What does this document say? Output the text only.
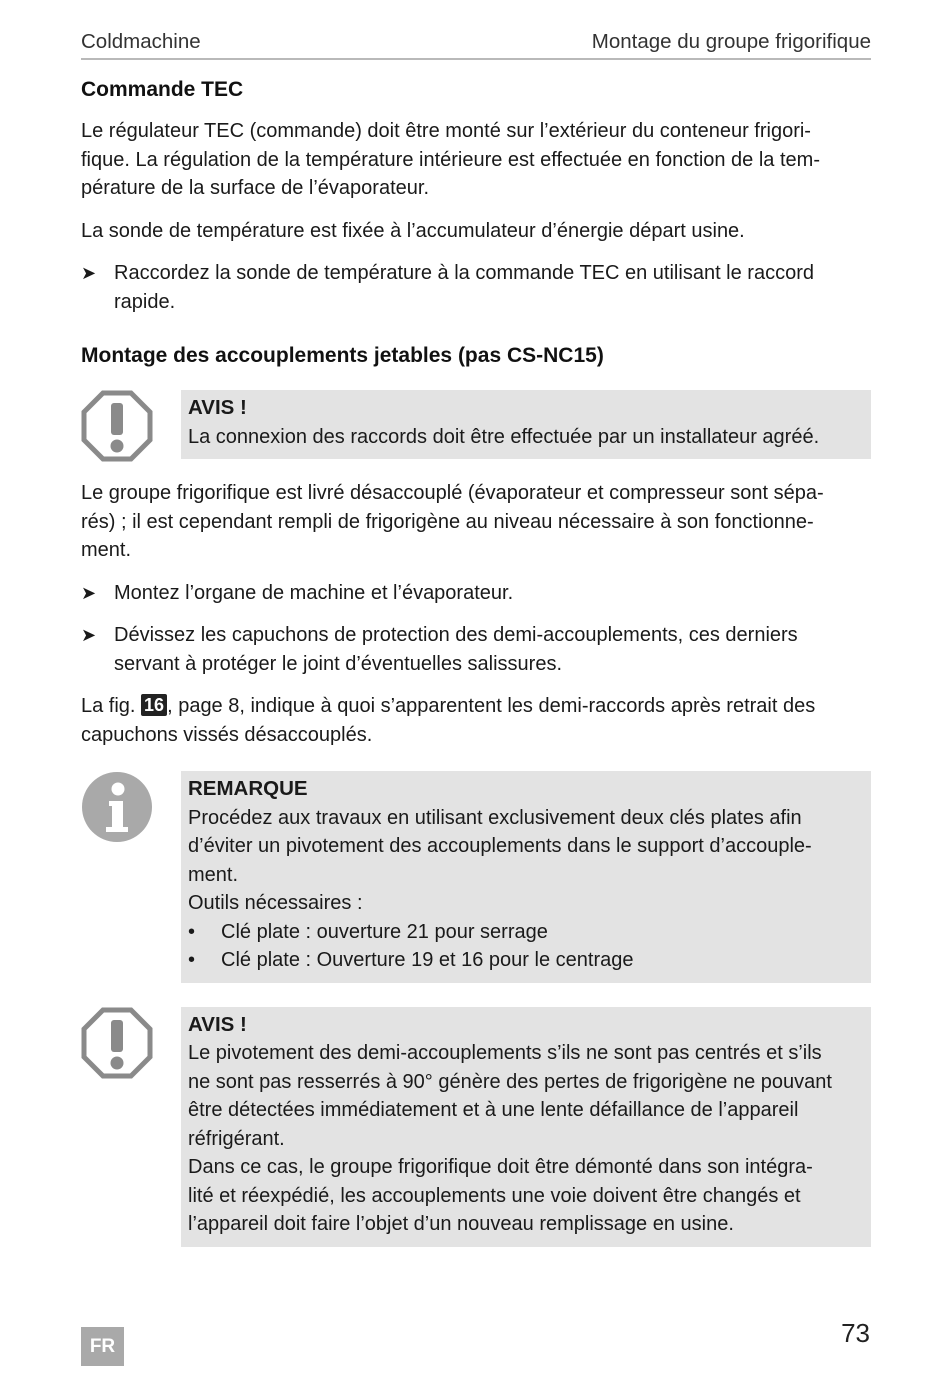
Coldmachine	Montage du groupe frigorifique
Commande TEC

Le régulateur TEC (commande) doit être monté sur l’extérieur du conteneur frigori-
fique. La régulation de la température intérieure est effectuée en fonction de la tem-
pérature de la surface de l’évaporateur.

La sonde de température est fixée à l’accumulateur d’énergie départ usine.

➤ Raccordez la sonde de température à la commande TEC en utilisant le raccord
rapide.
Montage des accouplements jetables (pas CS-NC15)
AVIS !
La connexion des raccords doit être effectuée par un installateur agréé.

Le groupe frigorifique est livré désaccouplé (évaporateur et compresseur sont sépa-
rés) ; il est cependant rempli de frigorigène au niveau nécessaire à son fonctionne-
ment.

➤ Montez l’organe de machine et l’évaporateur.
➤ Dévissez les capuchons de protection des demi-accouplements, ces derniers
servant à protéger le joint d’éventuelles salissures.

La fig. 16 , page 8, indique à quoi s’apparentent les demi-raccords après retrait des
capuchons vissés désaccouplés.

REMARQUE
Procédez aux travaux en utilisant exclusivement deux clés plates afin
d’éviter un pivotement des accouplements dans le support d’accouple-
ment.
Outils nécessaires :
•	Clé plate : ouverture 21 pour serrage
•	Clé plate : Ouverture 19 et 16 pour le centrage
AVIS !
Le pivotement des demi-accouplements s’ils ne sont pas centrés et s’ils
ne sont pas resserrés à 90° génère des pertes de frigorigène ne pouvant
être détectées immédiatement et à une lente défaillance de l’appareil
réfrigérant.
Dans ce cas, le groupe frigorifique doit être démonté dans son intégra-
lité et réexpédié, les accouplements une voie doivent être changés et
l’appareil doit faire l’objet d’un nouveau remplissage en usine.
FR	73
